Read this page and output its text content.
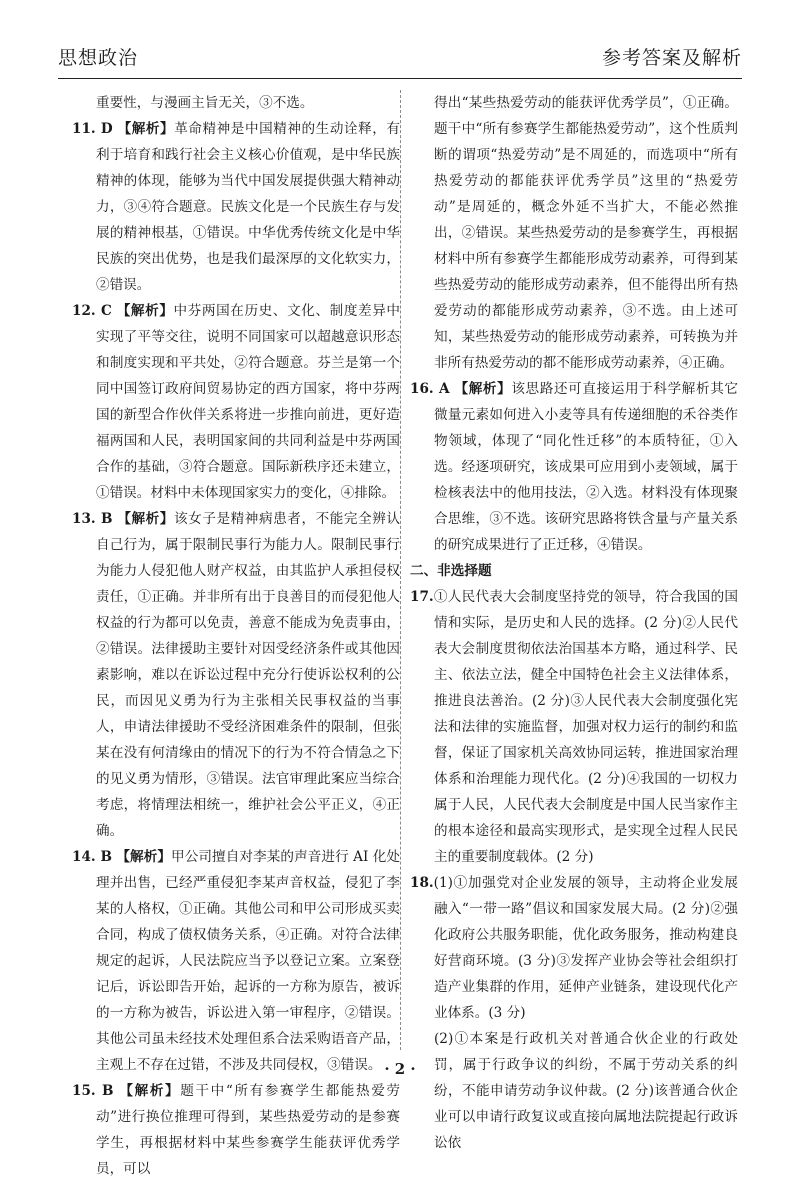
思想政治	参考答案及解析

重要性，与漫画主旨无关，③不选。

11. D 【解析】革命精神是中国精神的生动诠释，有利于培育和践行社会主义核心价值观，是中华民族精神的体现，能够为当代中国发展提供强大精神动力，③④符合题意。民族文化是一个民族生存与发展的精神根基，①错误。中华优秀传统文化是中华民族的突出优势，也是我们最深厚的文化软实力，②错误。

12. C 【解析】中芬两国在历史、文化、制度差异中实现了平等交往，说明不同国家可以超越意识形态和制度实现和平共处，②符合题意。芬兰是第一个同中国签订政府间贸易协定的西方国家，将中芬两国的新型合作伙伴关系将进一步推向前进，更好造福两国和人民，表明国家间的共同利益是中芬两国合作的基础，③符合题意。国际新秩序还未建立，①错误。材料中未体现国家实力的变化，④排除。

13. B 【解析】该女子是精神病患者，不能完全辨认自己行为，属于限制民事行为能力人。限制民事行为能力人侵犯他人财产权益，由其监护人承担侵权责任，①正确。并非所有出于良善目的而侵犯他人权益的行为都可以免责，善意不能成为免责事由，②错误。法律援助主要针对因受经济条件或其他因素影响，难以在诉讼过程中充分行使诉讼权利的公民，而因见义勇为行为主张相关民事权益的当事人，申请法律援助不受经济困难条件的限制，但张某在没有何清缘由的情况下的行为不符合情急之下的见义勇为情形，③错误。法官审理此案应当综合考虑，将情理法相统一，维护社会公平正义，④正确。

14. B 【解析】甲公司擅自对李某的声音进行 AI 化处理并出售，已经严重侵犯李某声音权益，侵犯了李某的人格权，①正确。其他公司和甲公司形成买卖合同，构成了债权债务关系，④正确。对符合法律规定的起诉，人民法院应当予以登记立案。立案登记后，诉讼即告开始，起诉的一方称为原告，被诉的一方称为被告，诉讼进入第一审程序，②错误。其他公司虽未经技术处理但系合法采购语音产品，主观上不存在过错，不涉及共同侵权，③错误。

15. B 【解析】题干中“所有参赛学生都能热爱劳动”进行换位推理可得到，某些热爱劳动的是参赛学生，再根据材料中某些参赛学生能获评优秀学员，可以

得出“某些热爱劳动的能获评优秀学员”，①正确。题干中“所有参赛学生都能热爱劳动”，这个性质判断的谓项“热爱劳动”是不周延的，而选项中“所有热爱劳动的都能获评优秀学员”这里的“热爱劳动”是周延的，概念外延不当扩大，不能必然推出，②错误。某些热爱劳动的是参赛学生，再根据材料中所有参赛学生都能形成劳动素养，可得到某些热爱劳动的能形成劳动素养，但不能得出所有热爱劳动的都能形成劳动素养，③不选。由上述可知，某些热爱劳动的能形成劳动素养，可转换为并非所有热爱劳动的都不能形成劳动素养，④正确。

16. A 【解析】该思路还可直接运用于科学解析其它微量元素如何进入小麦等具有传递细胞的禾谷类作物领域，体现了“同化性迁移”的本质特征，①入选。经逐项研究，该成果可应用到小麦领域，属于检核表法中的他用技法，②入选。材料没有体现聚合思维，③不选。该研究思路将铁含量与产量关系的研究成果进行了正迁移，④错误。

二、非选择题

17.①人民代表大会制度坚持党的领导，符合我国的国情和实际，是历史和人民的选择。(2 分)②人民代表大会制度贯彻依法治国基本方略，通过科学、民主、依法立法，健全中国特色社会主义法律体系，推进良法善治。(2 分)③人民代表大会制度强化宪法和法律的实施监督，加强对权力运行的制约和监督，保证了国家机关高效协同运转，推进国家治理体系和治理能力现代化。(2 分)④我国的一切权力属于人民，人民代表大会制度是中国人民当家作主的根本途径和最高实现形式，是实现全过程人民民主的重要制度载体。(2 分)

18.(1)①加强党对企业发展的领导，主动将企业发展融入“一带一路”倡议和国家发展大局。(2 分)②强化政府公共服务职能，优化政务服务，推动构建良好营商环境。(3 分)③发挥产业协会等社会组织打造产业集群的作用，延伸产业链条，建设现代化产业体系。(3 分)
(2)①本案是行政机关对普通合伙企业的行政处罚，属于行政争议的纠纷，不属于劳动关系的纠纷，不能申请劳动争议仲裁。(2 分)该普通合伙企业可以申请行政复议或直接向属地法院提起行政诉讼依

· 2 ·
